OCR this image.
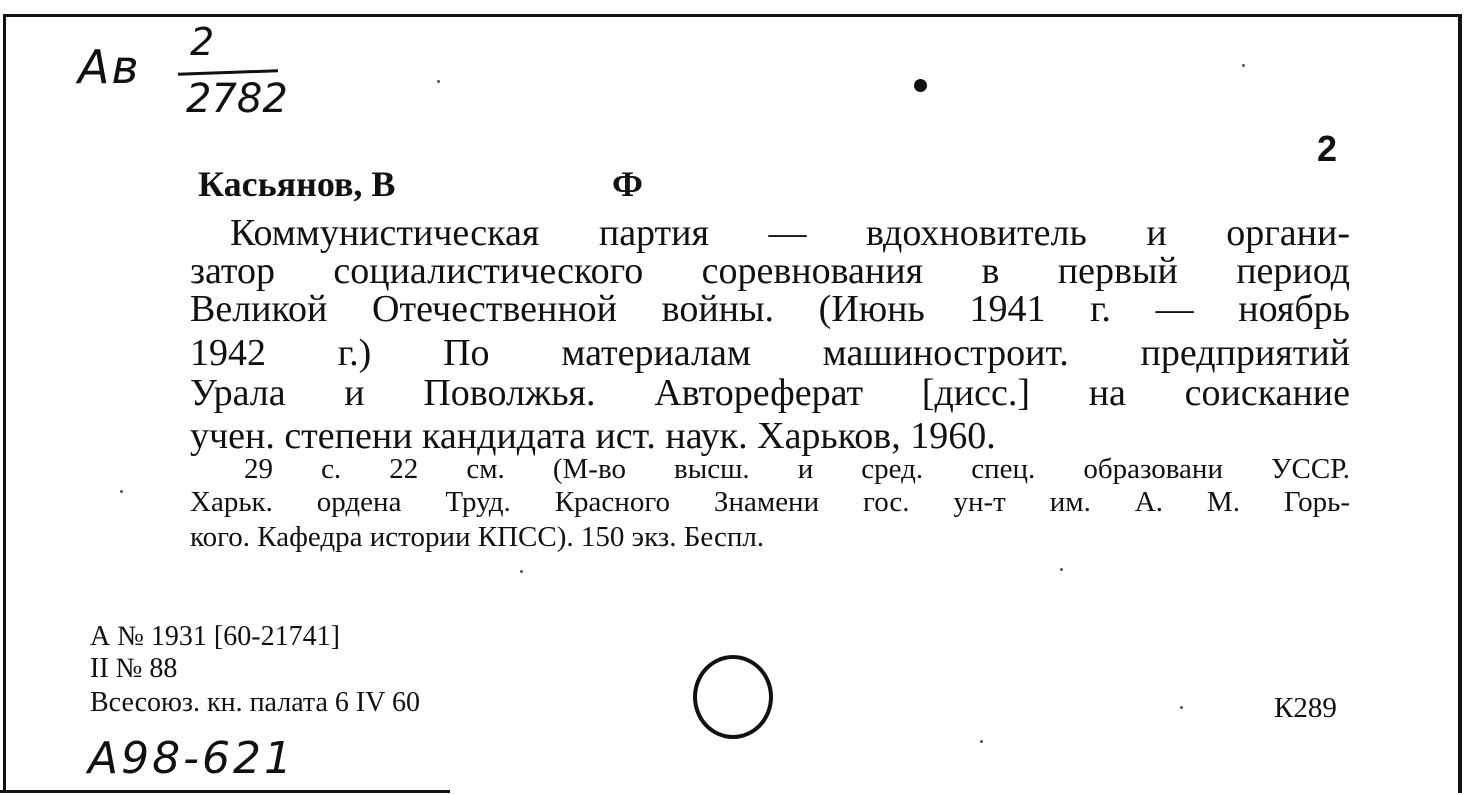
Ав 2
2782
2
Касьянов, В	Ф
Коммунистическая партия — вдохновитель и органи-
затор социалистического соревнования в первый период
Великой Отечественной войны. (Июнь 1941 г. — ноябрь
1942 г.) По материалам машиностроит. предприятий
Урала и Поволжья. Автореферат [дисс.] на соискание
учен. степени кандидата ист. наук. Харьков, 1960.
29 с. 22 см. (М-во высш. и сред. спец. образовани УССР.
Харьк. ордена Труд. Красного Знамени гос. ун-т им. А. М. Горь-
кого. Кафедра истории КПСС). 150 экз. Беспл.
А № 1931 [60-21741]
II № 88
Всесоюз. кн. палата 6 IV 60	К289
А98-621
